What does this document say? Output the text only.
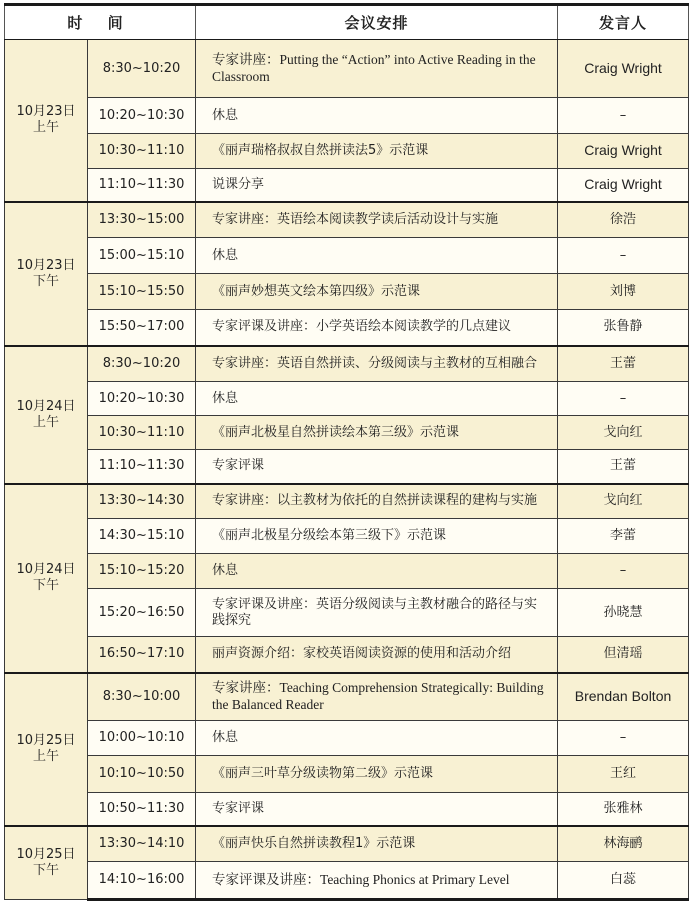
时 间		会议安排	发言人

10月23日
上午	8:30~10:20	专家讲座：Putting the “Action” into Active Reading in the Classroom	Craig Wright
	10:20~10:30	休息	–
	10:30~11:10	《丽声瑞格叔叔自然拼读法5》示范课	Craig Wright
	11:10~11:30	说课分享	Craig Wright

10月23日
下午	13:30~15:00	专家讲座：英语绘本阅读教学读后活动设计与实施	徐浩
	15:00~15:10	休息	–
	15:10~15:50	《丽声妙想英文绘本第四级》示范课	刘博
	15:50~17:00	专家评课及讲座：小学英语绘本阅读教学的几点建议	张鲁静

10月24日
上午	8:30~10:20	专家讲座：英语自然拼读、分级阅读与主教材的互相融合	王蕾
	10:20~10:30	休息	–
	10:30~11:10	《丽声北极星自然拼读绘本第三级》示范课	戈向红
	11:10~11:30	专家评课	王蕾

10月24日
下午	13:30~14:30	专家讲座：以主教材为依托的自然拼读课程的建构与实施	戈向红
	14:30~15:10	《丽声北极星分级绘本第三级下》示范课	李蕾
	15:10~15:20	休息	–
	15:20~16:50	专家评课及讲座：英语分级阅读与主教材融合的路径与实践探究	孙晓慧
	16:50~17:10	丽声资源介绍：家校英语阅读资源的使用和活动介绍	但清瑶

10月25日
上午	8:30~10:00	专家讲座：Teaching Comprehension Strategically: Building the Balanced Reader	Brendan Bolton
	10:00~10:10	休息	–
	10:10~10:50	《丽声三叶草分级读物第二级》示范课	王红
	10:50~11:30	专家评课	张雅林

10月25日
下午	13:30~14:10	《丽声快乐自然拼读教程1》示范课	林海鹂
	14:10~16:00	专家评课及讲座：Teaching Phonics at Primary Level	白蕊
